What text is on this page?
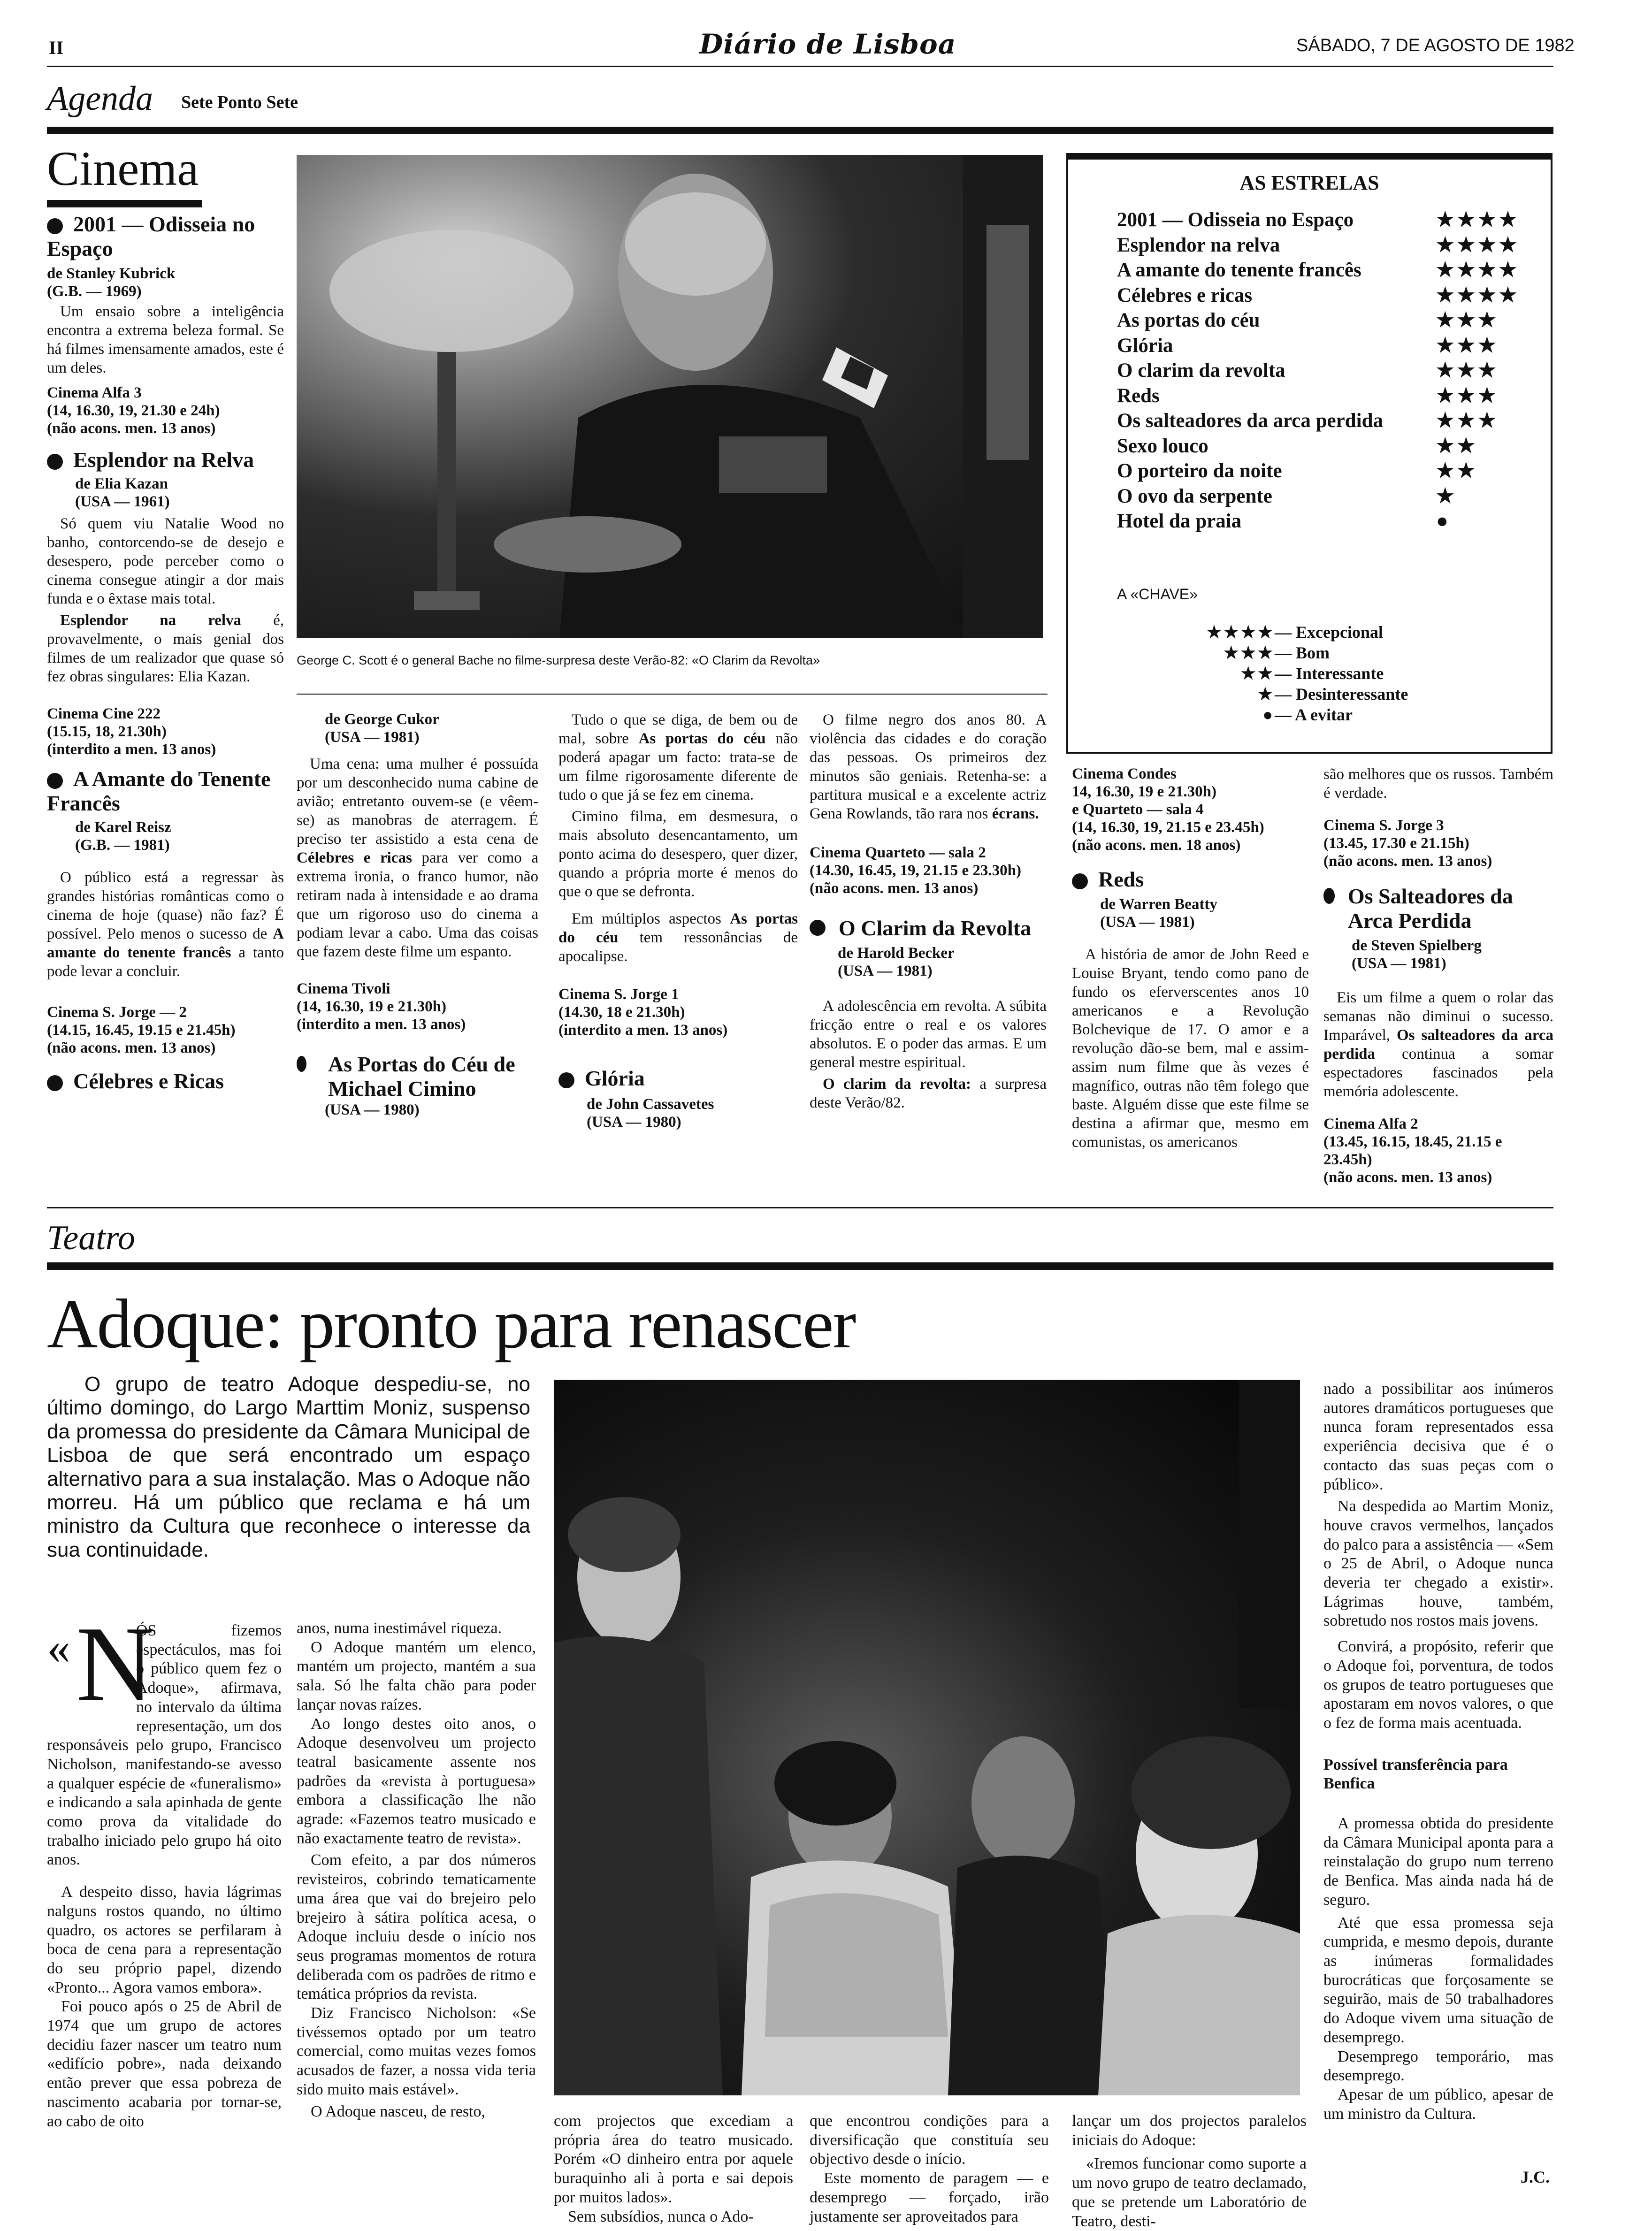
II	Diário de Lisboa	SÁBADO, 7 DE AGOSTO DE 1982
Agenda Sete Ponto Sete
Cinema
2001 — Odisseia no Espaço
de Stanley Kubrick
(G.B. — 1969)

Um ensaio sobre a inteligência encontra a extrema beleza formal. Se há filmes imensamente amados, este é um deles.

Cinema Alfa 3
(14, 16.30, 19, 21.30 e 24h)
(não acons. men. 13 anos)
Esplendor na Relva
de Elia Kazan
(USA — 1961)

Só quem viu Natalie Wood no banho, contorcendo-se de desejo e desespero, pode perceber como o cinema consegue atingir a dor mais funda e o êxtase mais total.

Esplendor na relva é, provavelmente, o mais genial dos filmes de um realizador que quase só fez obras singulares: Elia Kazan.

Cinema Cine 222
(15.15, 18, 21.30h)
(interdito a men. 13 anos)
A Amante do Tenente Francês
de Karel Reisz
(G.B. — 1981)

O público está a regressar às grandes histórias românticas como o cinema de hoje (quase) não faz? É possível. Pelo menos o sucesso de A amante do tenente francês a tanto pode levar a concluir.

Cinema S. Jorge — 2
(14.15, 16.45, 19.15 e 21.45h)
(não acons. men. 13 anos)
Célebres e Ricas
George C. Scott é o general Bache no filme-surpresa deste Verão-82: «O Clarim da Revolta»
de George Cukor
(USA — 1981)

Uma cena: uma mulher é possuída por um desconhecido numa cabine de avião; entretanto ouvem-se (e vêem-se) as manobras de aterragem. É preciso ter assistido a esta cena de Célebres e ricas para ver como a extrema ironia, o franco humor, não retiram nada à intensidade e ao drama que um rigoroso uso do cinema a podiam levar a cabo. Uma das coisas que fazem deste filme um espanto.

Cinema Tivoli
(14, 16.30, 19 e 21.30h)
(interdito a men. 13 anos)
As Portas do Céu de Michael Cimino
(USA — 1980)

Tudo o que se diga, de bem ou de mal, sobre As portas do céu não poderá apagar um facto: trata-se de um filme rigorosamente diferente de tudo o que já se fez em cinema.

Cimino filma, em desmesura, o mais absoluto desencantamento, um ponto acima do desespero, quer dizer, quando a própria morte é menos do que o que se defronta.

Em múltiplos aspectos As portas do céu tem ressonâncias de apocalipse.

Cinema S. Jorge 1
(14.30, 18 e 21.30h)
(interdito a men. 13 anos)
Glória
de John Cassavetes
(USA — 1980)

O filme negro dos anos 80. A violência das cidades e do coração das pessoas. Os primeiros dez minutos são geniais. Retenha-se: a partitura musical e a excelente actriz Gena Rowlands, tão rara nos écrans.

Cinema Quarteto — sala 2
(14.30, 16.45, 19, 21.15 e 23.30h)
(não acons. men. 13 anos)
O Clarim da Revolta
de Harold Becker
(USA — 1981)

A adolescência em revolta. A súbita fricção entre o real e os valores absolutos. E o poder das armas. E um general mestre espiritual.

O clarim da revolta: a surpresa deste Verão/82.

AS ESTRELAS
2001 — Odisseia no Espaço	★★★★
Esplendor na relva	★★★★
A amante do tenente francês	★★★★
Célebres e ricas	★★★★
As portas do céu	★★★
Glória	★★★
O clarim da revolta	★★★
Reds	★★★
Os salteadores da arca perdida	★★★
Sexo louco	★★
O porteiro da noite	★★
O ovo da serpente	★
Hotel da praia	●
A «CHAVE»
★★★★ — Excepcional
★★★ — Bom
★★ — Interessante
★ — Desinteressante
● — A evitar
Cinema Condes
14, 16.30, 19 e 21.30h)
e Quarteto — sala 4
(14, 16.30, 19, 21.15 e 23.45h)
(não acons. men. 18 anos)
Reds
de Warren Beatty
(USA — 1981)

A história de amor de John Reed e Louise Bryant, tendo como pano de fundo os eferverscentes anos 10 americanos e a Revolução Bolchevique de 17. O amor e a revolução dão-se bem, mal e assim-assim num filme que às vezes é magnífico, outras não têm folego que baste. Alguém disse que este filme se destina a afirmar que, mesmo em comunistas, os americanos

são melhores que os russos. Também é verdade.

Cinema S. Jorge 3
(13.45, 17.30 e 21.15h)
(não acons. men. 13 anos)
Os Salteadores da Arca Perdida
de Steven Spielberg
(USA — 1981)

Eis um filme a quem o rolar das semanas não diminui o sucesso. Imparável, Os salteadores da arca perdida continua a somar espectadores fascinados pela memória adolescente.

Cinema Alfa 2
(13.45, 16.15, 18.45, 21.15 e 23.45h)
(não acons. men. 13 anos)
Teatro
Adoque: pronto para renascer
O grupo de teatro Adoque despediu-se, no último domingo, do Largo Marttim Moniz, suspenso da promessa do presidente da Câmara Municipal de Lisboa de que será encontrado um espaço alternativo para a sua instalação. Mas o Adoque não morreu. Há um público que reclama e há um ministro da Cultura que reconhece o interesse da sua continuidade.
« N

ÓS fizemos espectáculos, mas foi o público quem fez o Adoque», afirmava, no intervalo da última representação, um dos responsáveis pelo grupo, Francisco Nicholson, manifestando-se avesso a qualquer espécie de «funeralismo» e indicando a sala apinhada de gente como prova da vitalidade do trabalho iniciado pelo grupo há oito anos.

A despeito disso, havia lágrimas nalguns rostos quando, no último quadro, os actores se perfilaram à boca de cena para a representação do seu próprio papel, dizendo «Pronto... Agora vamos embora».

Foi pouco após o 25 de Abril de 1974 que um grupo de actores decidiu fazer nascer um teatro num «edifício pobre», nada deixando então prever que essa pobreza de nascimento acabaria por tornar-se, ao cabo de oito

anos, numa inestimável riqueza.

O Adoque mantém um elenco, mantém um projecto, mantém a sua sala. Só lhe falta chão para poder lançar novas raízes.

Ao longo destes oito anos, o Adoque desenvolveu um projecto teatral basicamente assente nos padrões da «revista à portuguesa» embora a classificação lhe não agrade: «Fazemos teatro musicado e não exactamente teatro de revista».

Com efeito, a par dos números revisteiros, cobrindo tematicamente uma área que vai do brejeiro pelo brejeiro à sátira política acesa, o Adoque incluiu desde o início nos seus programas momentos de rotura deliberada com os padrões de ritmo e temática próprios da revista.

Diz Francisco Nicholson: «Se tivéssemos optado por um teatro comercial, como muitas vezes fomos acusados de fazer, a nossa vida teria sido muito mais estável».

O Adoque nasceu, de resto,

com projectos que excediam a própria área do teatro musicado. Porém «O dinheiro entra por aquele buraquinho ali à porta e sai depois por muitos lados».

Sem subsídios, nunca o Ado-

que encontrou condições para a diversificação que constituía seu objectivo desde o início.

Este momento de paragem — e desemprego — forçado, irão justamente ser aproveitados para

lançar um dos projectos paralelos iniciais do Adoque:

«Iremos funcionar como suporte a um novo grupo de teatro declamado, que se pretende um Laboratório de Teatro, desti-

nado a possibilitar aos inúmeros autores dramáticos portugueses que nunca foram representados essa experiência decisiva que é o contacto das suas peças com o público».

Na despedida ao Martim Moniz, houve cravos vermelhos, lançados do palco para a assistência — «Sem o 25 de Abril, o Adoque nunca deveria ter chegado a existir». Lágrimas houve, também, sobretudo nos rostos mais jovens.

Convirá, a propósito, referir que o Adoque foi, porventura, de todos os grupos de teatro portugueses que apostaram em novos valores, o que o fez de forma mais acentuada.

Possível transferência para Benfica

A promessa obtida do presidente da Câmara Municipal aponta para a reinstalação do grupo num terreno de Benfica. Mas ainda nada há de seguro.

Até que essa promessa seja cumprida, e mesmo depois, durante as inúmeras formalidades burocráticas que forçosamente se seguirão, mais de 50 trabalhadores do Adoque vivem uma situação de desemprego.

Desemprego temporário, mas desemprego.

Apesar de um público, apesar de um ministro da Cultura.

J.C.
